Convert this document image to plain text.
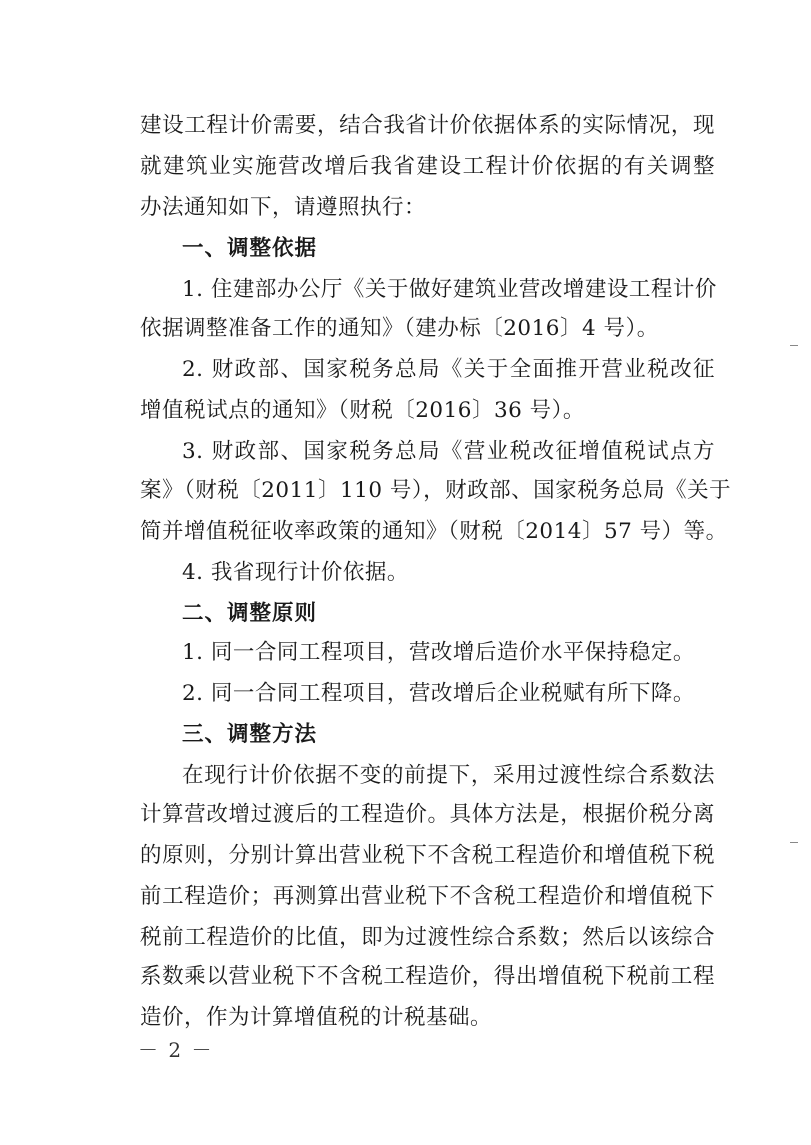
建设工程计价需要，结合我省计价依据体系的实际情况，现
就建筑业实施营改增后我省建设工程计价依据的有关调整
办法通知如下，请遵照执行：
一、调整依据
1. 住建部办公厅《关于做好建筑业营改增建设工程计价
依据调整准备工作的通知》（建办标〔2016〕4 号）。
2. 财政部、国家税务总局《关于全面推开营业税改征
增值税试点的通知》（财税〔2016〕36 号）。
3. 财政部、国家税务总局《营业税改征增值税试点方
案》（财税〔2011〕110 号），财政部、国家税务总局《关于
简并增值税征收率政策的通知》（财税〔2014〕57 号）等。
4. 我省现行计价依据。
二、调整原则
1. 同一合同工程项目，营改增后造价水平保持稳定。
2. 同一合同工程项目，营改增后企业税赋有所下降。
三、调整方法
在现行计价依据不变的前提下，采用过渡性综合系数法
计算营改增过渡后的工程造价。具体方法是，根据价税分离
的原则，分别计算出营业税下不含税工程造价和增值税下税
前工程造价；再测算出营业税下不含税工程造价和增值税下
税前工程造价的比值，即为过渡性综合系数；然后以该综合
系数乘以营业税下不含税工程造价，得出增值税下税前工程
造价，作为计算增值税的计税基础。
－ 2 －
